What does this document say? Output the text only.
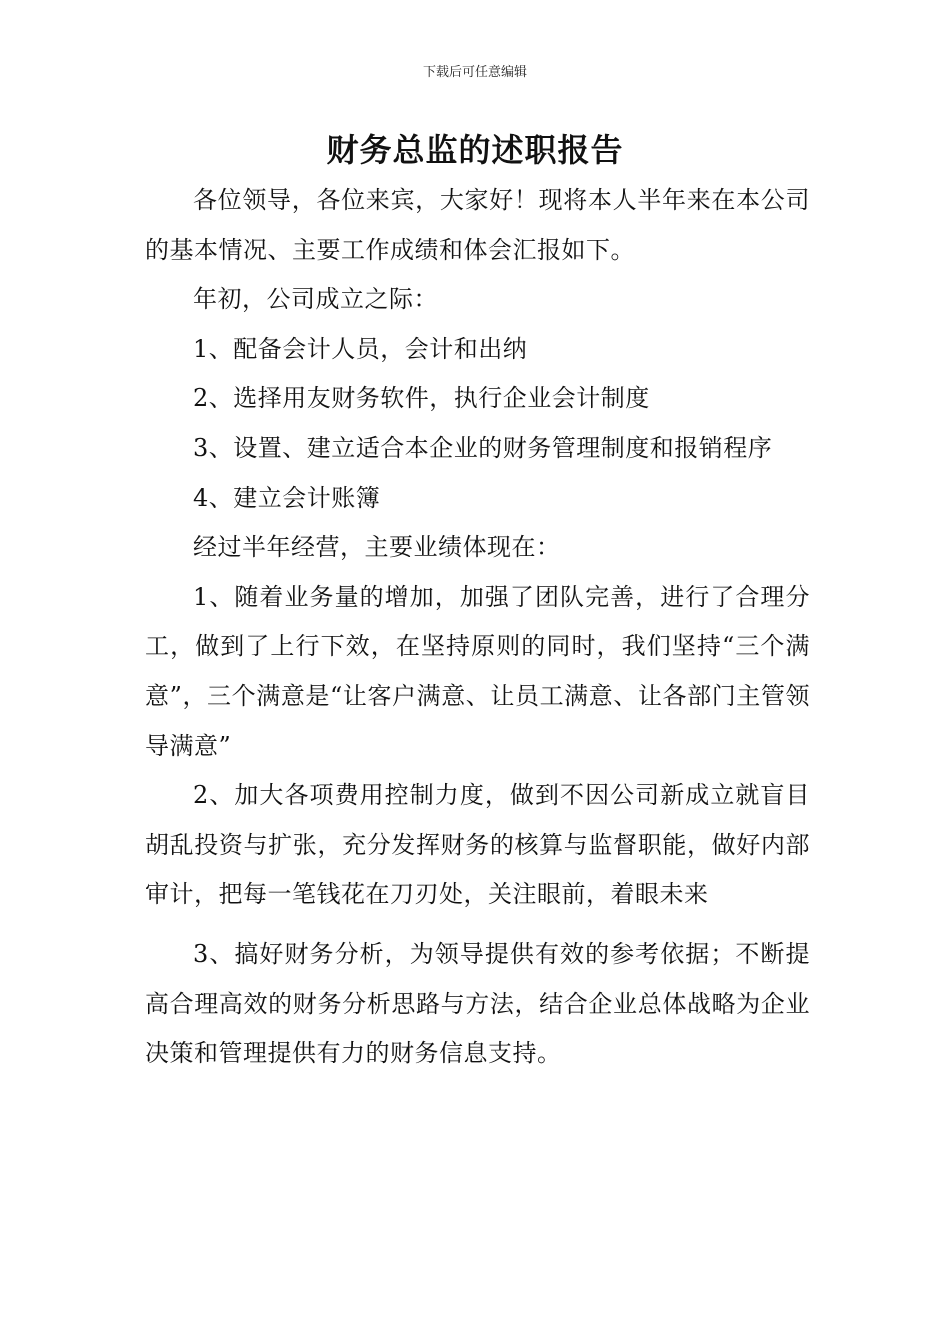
下载后可任意编辑
财务总监的述职报告

各位领导，各位来宾，大家好！现将本人半年来在本公司的基本情况、主要工作成绩和体会汇报如下。

年初，公司成立之际：

1、配备会计人员，会计和出纳

2、选择用友财务软件，执行企业会计制度

3、设置、建立适合本企业的财务管理制度和报销程序

4、建立会计账簿

经过半年经营，主要业绩体现在：

1、随着业务量的增加，加强了团队完善，进行了合理分工，做到了上行下效，在坚持原则的同时，我们坚持“三个满意”，三个满意是“让客户满意、让员工满意、让各部门主管领导满意”

2、加大各项费用控制力度，做到不因公司新成立就盲目胡乱投资与扩张，充分发挥财务的核算与监督职能，做好内部审计，把每一笔钱花在刀刃处，关注眼前，着眼未来

3、搞好财务分析，为领导提供有效的参考依据；不断提高合理高效的财务分析思路与方法，结合企业总体战略为企业决策和管理提供有力的财务信息支持。
